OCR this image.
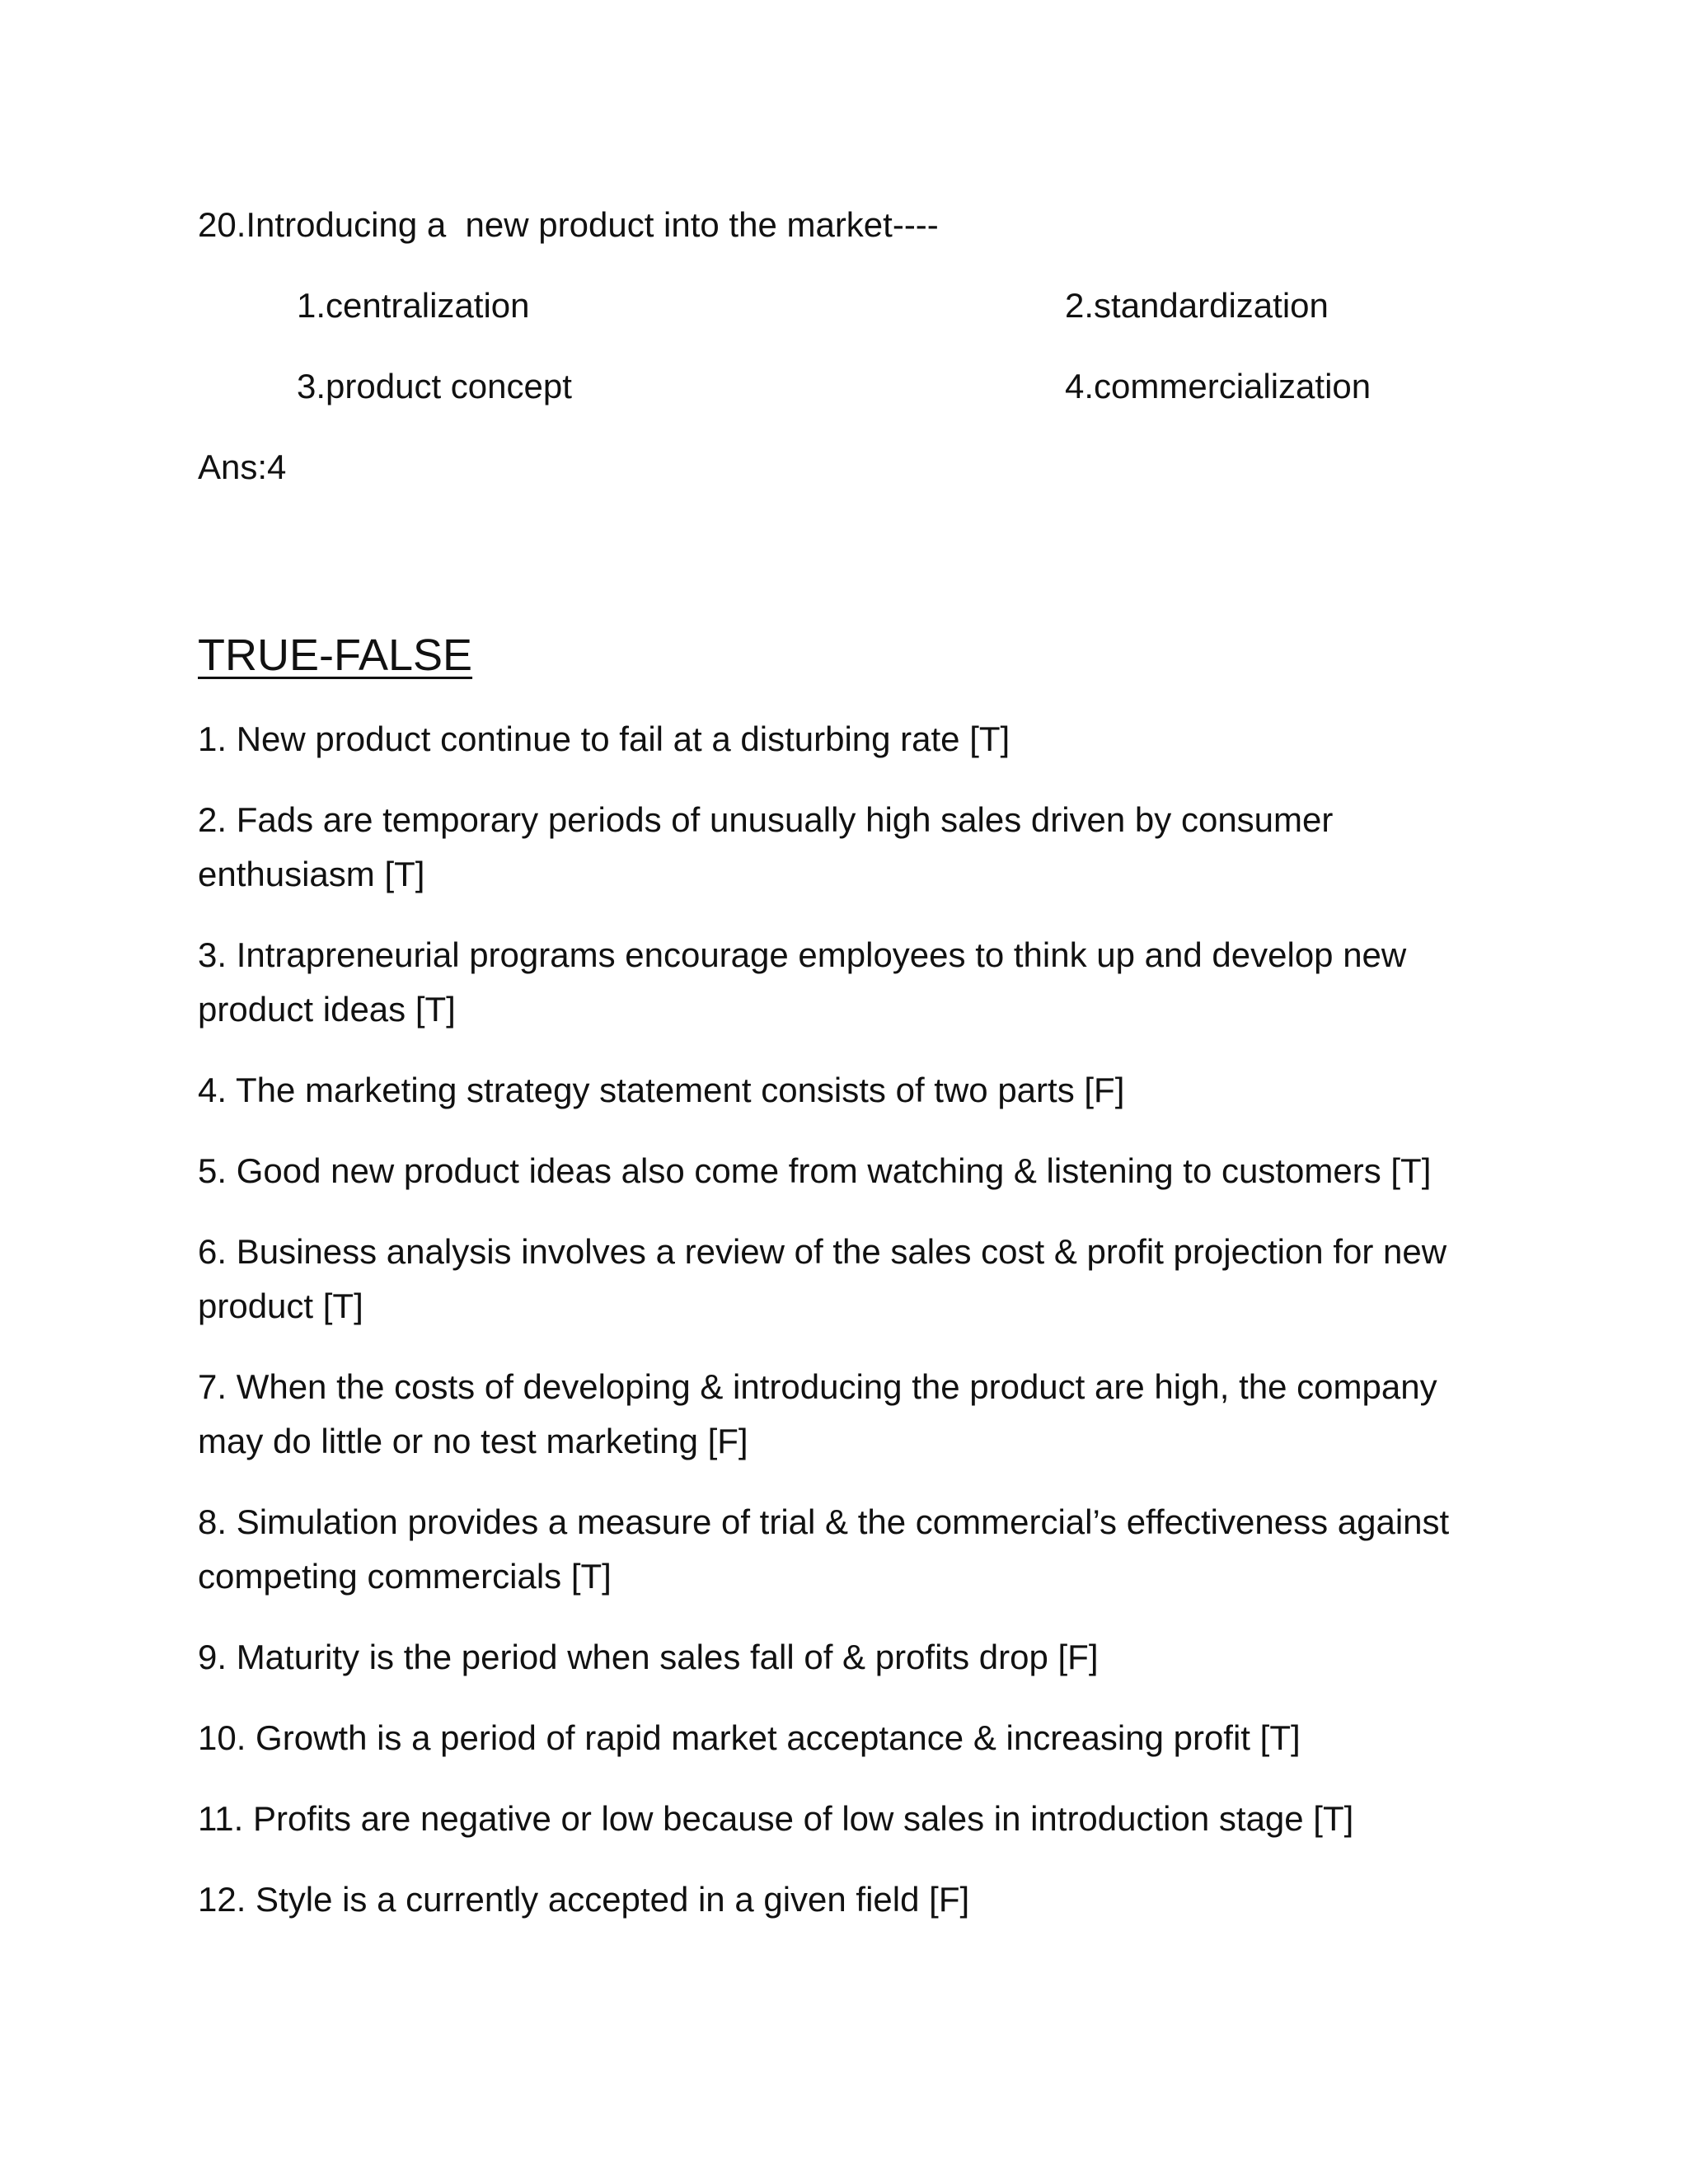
20.Introducing a  new product into the market----
1.centralization	2.standardization
3.product concept	4.commercialization
Ans:4
TRUE-FALSE
1. New product continue to fail at a disturbing rate [T]
2. Fads are temporary periods of unusually high sales driven by consumer enthusiasm [T]
3. Intrapreneurial programs encourage employees to think up and develop new product ideas [T]
4. The marketing strategy statement consists of two parts [F]
5. Good new product ideas also come from watching & listening to customers [T]
6. Business analysis involves a review of the sales cost & profit projection for new product [T]
7. When the costs of developing & introducing the product are high, the company may do little or no test marketing [F]
8. Simulation provides a measure of trial & the commercial’s effectiveness against competing commercials [T]
9. Maturity is the period when sales fall of & profits drop [F]
10. Growth is a period of rapid market acceptance & increasing profit [T]
11. Profits are negative or low because of low sales in introduction stage [T]
12. Style is a currently accepted in a given field [F]
